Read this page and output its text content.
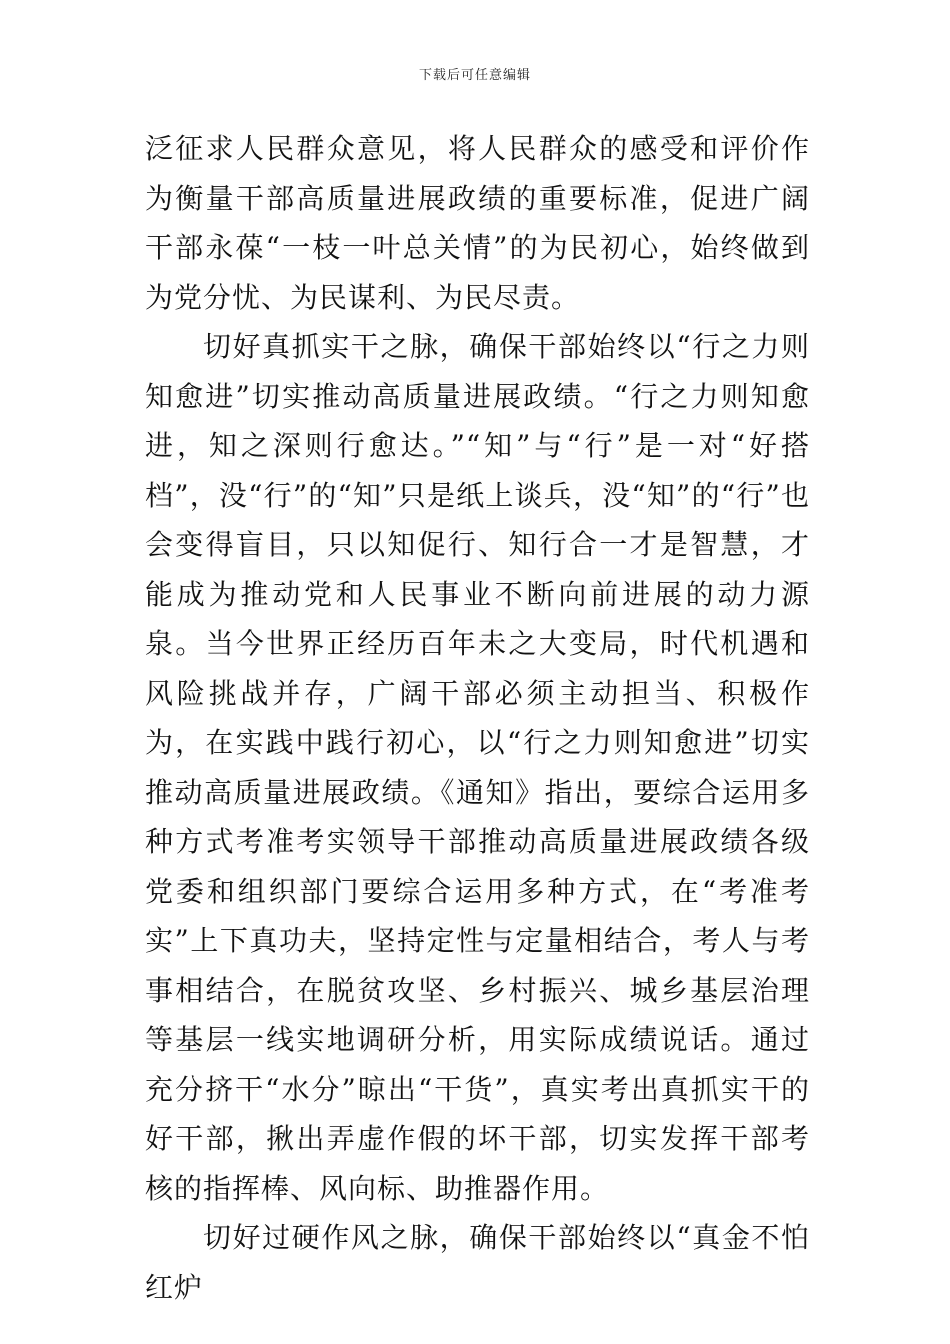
下载后可任意编辑

泛征求人民群众意见，将人民群众的感受和评价作为衡量干部高质量进展政绩的重要标准，促进广阔干部永葆“一枝一叶总关情”的为民初心，始终做到为党分忧、为民谋利、为民尽责。

切好真抓实干之脉，确保干部始终以“行之力则知愈进”切实推动高质量进展政绩。“行之力则知愈进，知之深则行愈达。”“知”与“行”是一对“好搭档”，没“行”的“知”只是纸上谈兵，没“知”的“行”也会变得盲目，只以知促行、知行合一才是智慧，才能成为推动党和人民事业不断向前进展的动力源泉。当今世界正经历百年未之大变局，时代机遇和风险挑战并存，广阔干部必须主动担当、积极作为，在实践中践行初心，以“行之力则知愈进”切实推动高质量进展政绩。《通知》指出，要综合运用多种方式考准考实领导干部推动高质量进展政绩各级党委和组织部门要综合运用多种方式，在“考准考实”上下真功夫，坚持定性与定量相结合，考人与考事相结合，在脱贫攻坚、乡村振兴、城乡基层治理等基层一线实地调研分析，用实际成绩说话。通过充分挤干“水分”晾出“干货”，真实考出真抓实干的好干部，揪出弄虚作假的坏干部，切实发挥干部考核的指挥棒、风向标、助推器作用。

切好过硬作风之脉，确保干部始终以“真金不怕红炉
